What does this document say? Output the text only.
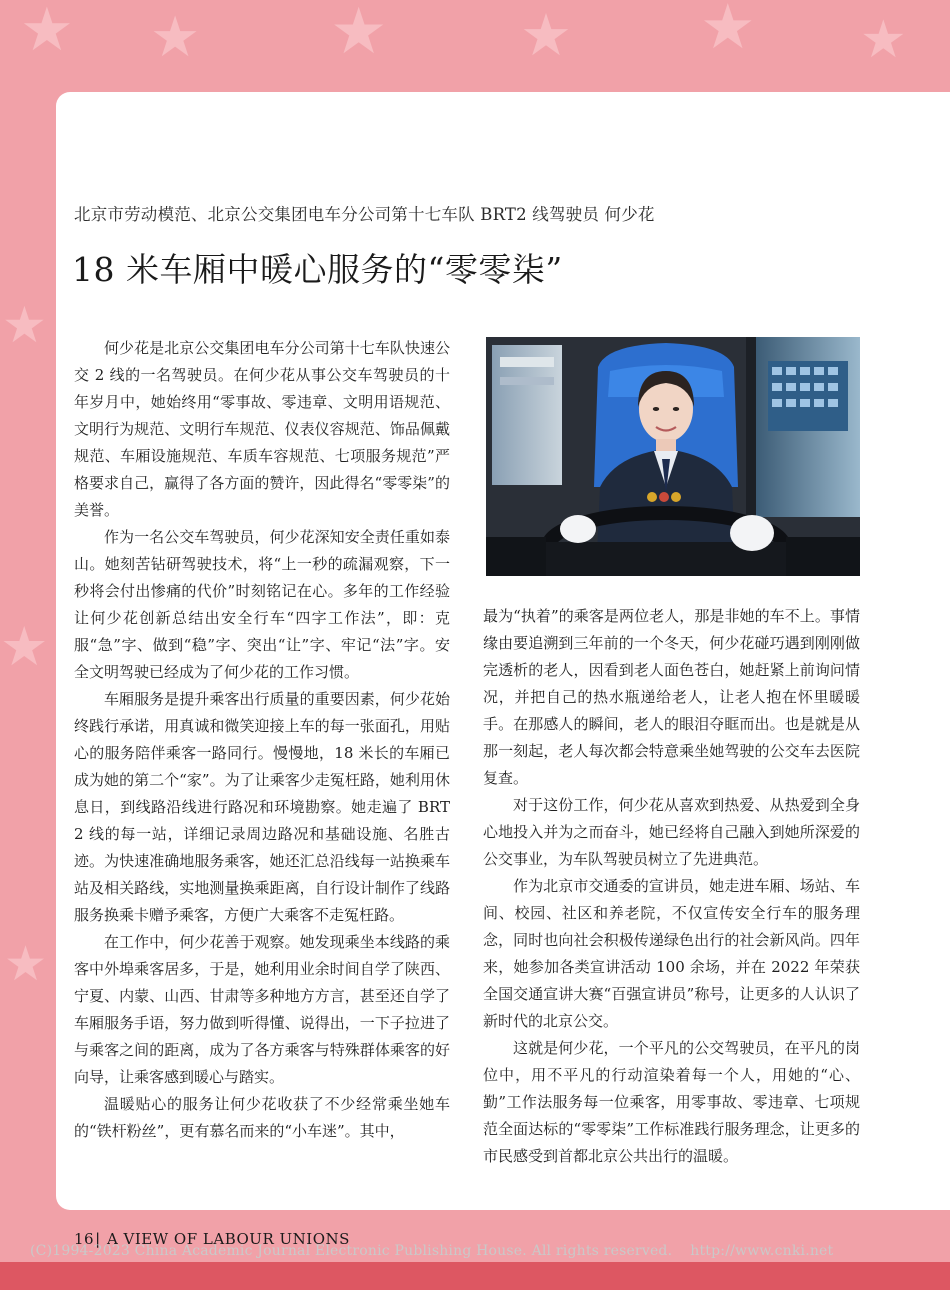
★ ★ ★ ★ ★ ★
★
★
★
北京市劳动模范、北京公交集团电车分公司第十七车队 BRT2 线驾驶员 何少花
18 米车厢中暖心服务的“零零柒”

何少花是北京公交集团电车分公司第十七车队快速公交 2 线的一名驾驶员。在何少花从事公交车驾驶员的十年岁月中，她始终用“零事故、零违章、文明用语规范、文明行为规范、文明行车规范、仪表仪容规范、饰品佩戴规范、车厢设施规范、车质车容规范、七项服务规范”严格要求自己，赢得了各方面的赞许，因此得名“零零柒”的美誉。

作为一名公交车驾驶员，何少花深知安全责任重如泰山。她刻苦钻研驾驶技术，将“上一秒的疏漏观察，下一秒将会付出惨痛的代价”时刻铭记在心。多年的工作经验让何少花创新总结出安全行车“四字工作法”，即：克服“急”字、做到“稳”字、突出“让”字、牢记“法”字。安全文明驾驶已经成为了何少花的工作习惯。

车厢服务是提升乘客出行质量的重要因素，何少花始终践行承诺，用真诚和微笑迎接上车的每一张面孔，用贴心的服务陪伴乘客一路同行。慢慢地，18 米长的车厢已成为她的第二个“家”。为了让乘客少走冤枉路，她利用休息日，到线路沿线进行路况和环境勘察。她走遍了 BRT2 线的每一站，详细记录周边路况和基础设施、名胜古迹。为快速准确地服务乘客，她还汇总沿线每一站换乘车站及相关路线，实地测量换乘距离，自行设计制作了线路服务换乘卡赠予乘客，方便广大乘客不走冤枉路。

在工作中，何少花善于观察。她发现乘坐本线路的乘客中外埠乘客居多，于是，她利用业余时间自学了陕西、宁夏、内蒙、山西、甘肃等多种地方方言，甚至还自学了车厢服务手语，努力做到听得懂、说得出，一下子拉进了与乘客之间的距离，成为了各方乘客与特殊群体乘客的好向导，让乘客感到暖心与踏实。

温暖贴心的服务让何少花收获了不少经常乘坐她车的“铁杆粉丝”，更有慕名而来的“小车迷”。其中，

最为“执着”的乘客是两位老人，那是非她的车不上。事情缘由要追溯到三年前的一个冬天，何少花碰巧遇到刚刚做完透析的老人，因看到老人面色苍白，她赶紧上前询问情况，并把自己的热水瓶递给老人，让老人抱在怀里暖暖手。在那感人的瞬间，老人的眼泪夺眶而出。也是就是从那一刻起，老人每次都会特意乘坐她驾驶的公交车去医院复查。

对于这份工作，何少花从喜欢到热爱、从热爱到全身心地投入并为之而奋斗，她已经将自己融入到她所深爱的公交事业，为车队驾驶员树立了先进典范。

作为北京市交通委的宣讲员，她走进车厢、场站、车间、校园、社区和养老院，不仅宣传安全行车的服务理念，同时也向社会积极传递绿色出行的社会新风尚。四年来，她参加各类宣讲活动 100 余场，并在 2022 年荣获全国交通宣讲大赛“百强宣讲员”称号，让更多的人认识了新时代的北京公交。

这就是何少花，一个平凡的公交驾驶员，在平凡的岗位中，用不平凡的行动渲染着每一个人，用她的“心、勤”工作法服务每一位乘客，用零事故、零违章、七项规范全面达标的“零零柒”工作标准践行服务理念，让更多的市民感受到首都北京公共出行的温暖。

16| A VIEW OF LABOUR UNIONS
(C)1994-2023 China Academic Journal Electronic Publishing House. All rights reserved. http://www.cnki.net
